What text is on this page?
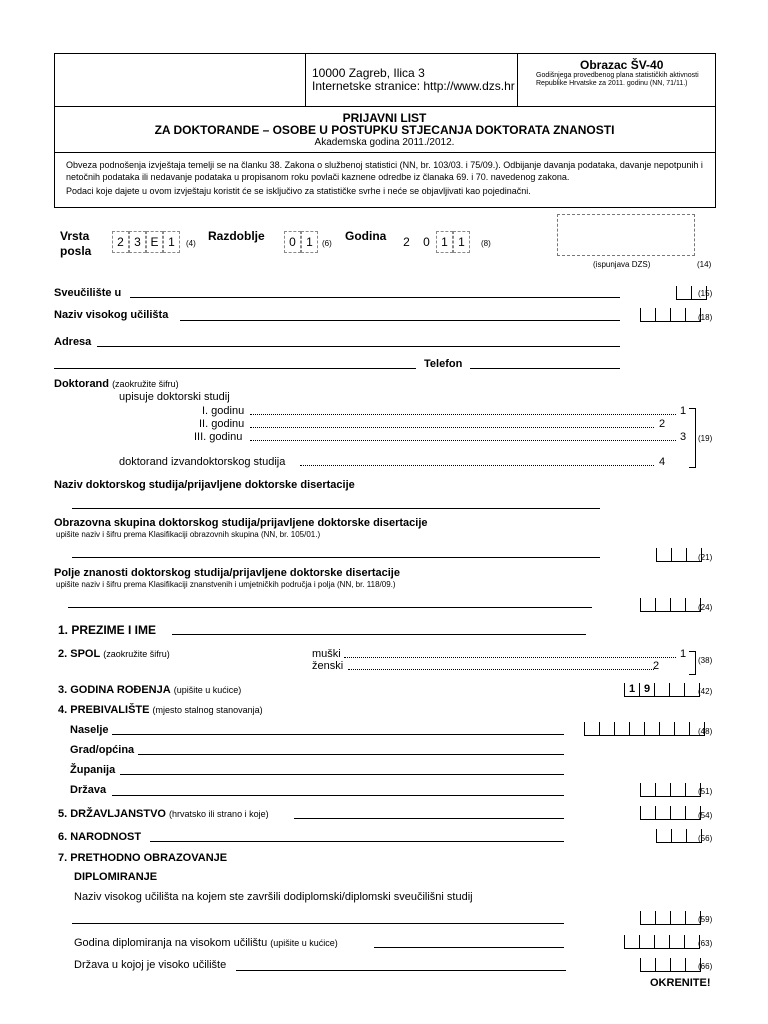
10000 Zagreb, Ilica 3
Internetske stranice: http://www.dzs.hr
Obrazac ŠV-40
Godišnjega provedbenog plana statističkih aktivnosti Republike Hrvatske za 2011. godinu (NN, 71/11.)
PRIJAVNI LIST
ZA DOKTORANDE – OSOBE U POSTUPKU STJECANJA DOKTORATA ZNANOSTI
Akademska godina 2011./2012.
Obveza podnošenja izvještaja temelji se na članku 38. Zakona o službenoj statistici (NN, br. 103/03. i 75/09.). Odbijanje davanja podataka, davanje nepotpunih i netočnih podataka ili nedavanje podataka u propisanom roku povlači kaznene odredbe iz članaka 69. i 70. navedenog zakona.
Podaci koje dajete u ovom izvještaju koristit će se isključivo za statističke svrhe i neće se objavljivati kao pojedinačni.
Vrsta posla
2 3 E 1	(4)
Razdoblje	0 1	(6)
Godina	2	0 1 1	(8)
(ispunjava DZS)	(14)
Sveučilište u	(15)
Naziv visokog učilišta	(18)
Adresa
Telefon
Doktorand (zaokružite šifru)
upisuje doktorski studij
I. godinu	1
II. godinu	2
III. godinu	3
doktorand izvandoktorskog studija	4
(19)
Naziv doktorskog studija/prijavljene doktorske disertacije
Obrazovna skupina doktorskog studija/prijavljene doktorske disertacije
upišite naziv i šifru prema Klasifikaciji obrazovnih skupina (NN, br. 105/01.)
(21)
Polje znanosti doktorskog studija/prijavljene doktorske disertacije
upišite naziv i šifru prema Klasifikaciji znanstvenih i umjetničkih područja i polja (NN, br. 118/09.)
(24)
1. PREZIME I IME
2. SPOL (zaokružite šifru)	muški	1
ženski	2	(38)
3. GODINA ROĐENJA (upišite u kućice)	1 9	(42)
4. PREBIVALIŠTE (mjesto stalnog stanovanja)
Naselje	(48)
Grad/općina
Županija
Država	(51)
5. DRŽAVLJANSTVO (hrvatsko ili strano i koje)	(54)
6. NARODNOST	(56)
7. PRETHODNO OBRAZOVANJE
DIPLOMIRANJE
Naziv visokog učilišta na kojem ste završili dodiplomski/diplomski sveučilišni studij
(59)
Godina diplomiranja na visokom učilištu (upišite u kućice)	(63)
Država u kojoj je visoko učilište	(66)
OKRENITE!
